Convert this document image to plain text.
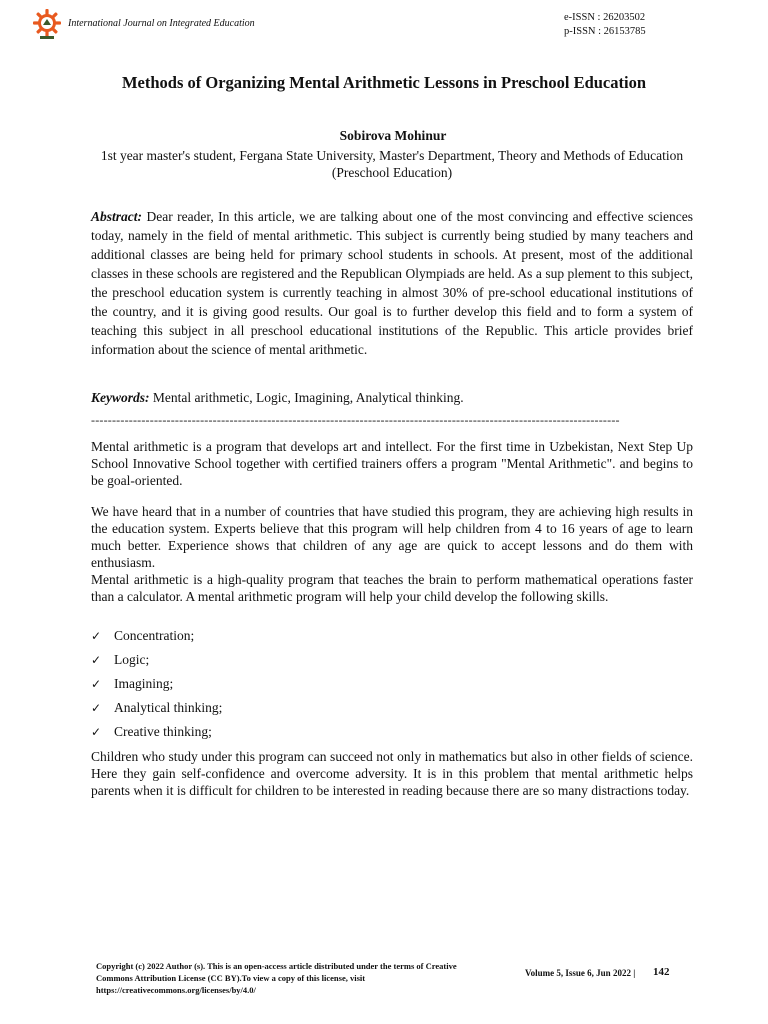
International Journal on Integrated Education
e-ISSN : 26203502
p-ISSN : 26153785
Methods of Organizing Mental Arithmetic Lessons in Preschool Education
Sobirova Mohinur
1st year master's student, Fergana State University, Master's Department, Theory and Methods of Education (Preschool Education)
Abstract: Dear reader, In this article, we are talking about one of the most convincing and effective sciences today, namely in the field of mental arithmetic. This subject is currently being studied by many teachers and additional classes are being held for primary school students in schools. At present, most of the additional classes in these schools are registered and the Republican Olympiads are held. As a sup plement to this subject, the preschool education system is currently teaching in almost 30% of pre-school educational institutions of the country, and it is giving good results. Our goal is to further develop this field and to form a system of teaching this subject in all preschool educational institutions of the Republic. This article provides brief information about the science of mental arithmetic.
Keywords: Mental arithmetic, Logic, Imagining, Analytical thinking.
------------------------------------------------------------------------------------------------------------------------------
Mental arithmetic is a program that develops art and intellect. For the first time in Uzbekistan, Next Step Up School Innovative School together with certified trainers offers a program "Mental Arithmetic". and begins to be goal-oriented.
We have heard that in a number of countries that have studied this program, they are achieving high results in the education system. Experts believe that this program will help children from 4 to 16 years of age to learn much better. Experience shows that children of any age are quick to accept lessons and do them with enthusiasm.
Mental arithmetic is a high-quality program that teaches the brain to perform mathematical operations faster than a calculator. A mental arithmetic program will help your child develop the following skills.
✓ Concentration;
✓ Logic;
✓ Imagining;
✓ Analytical thinking;
✓ Creative thinking;
Children who study under this program can succeed not only in mathematics but also in other fields of science. Here they gain self-confidence and overcome adversity. It is in this problem that mental arithmetic helps parents when it is difficult for children to be interested in reading because there are so many distractions today.
Copyright (c) 2022 Author (s). This is an open-access article distributed under the terms of Creative Commons Attribution License (CC BY).To view a copy of this license, visit https://creativecommons.org/licenses/by/4.0/
Volume 5, Issue 6, Jun 2022 | 142
